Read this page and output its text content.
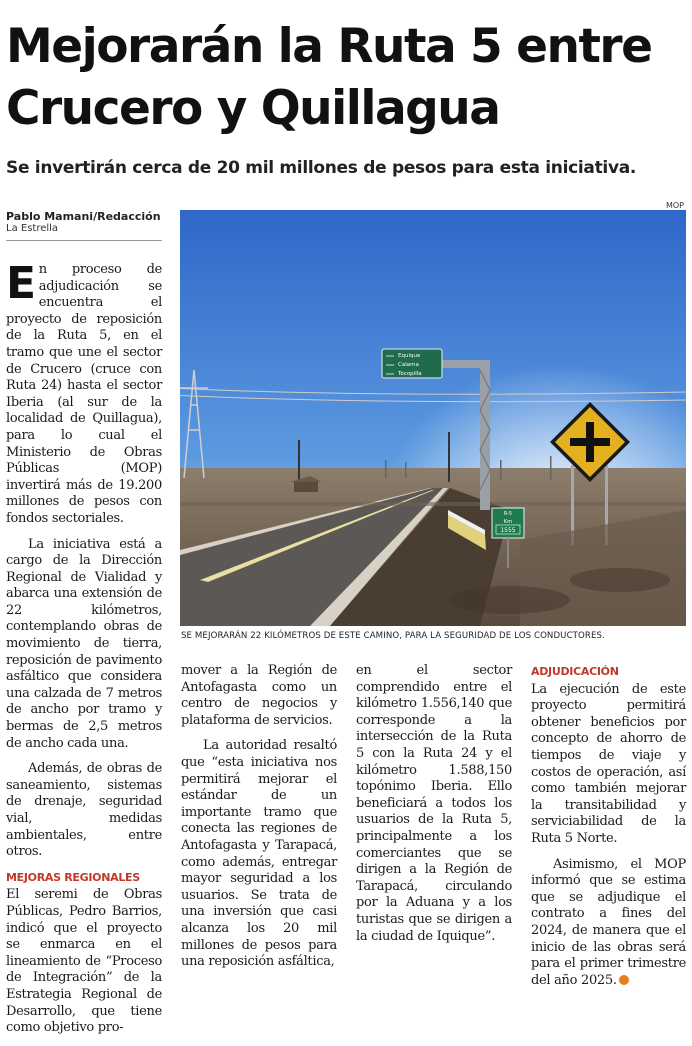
Mejorarán la Ruta 5 entre Crucero y Quillagua
Se invertirán cerca de 20 mil millones de pesos para esta iniciativa.
Pablo Mamani/Redacción
La Estrella
MOP
Equique
Calama
Tocopilla
R-5
Km
1555
SE MEJORARÁN 22 KILÓMETROS DE ESTE CAMINO, PARA LA SEGURIDAD DE LOS CONDUCTORES.

En proceso de adjudicación se encuentra el proyecto de reposición de la Ruta 5, en el tramo que une el sector de Crucero (cruce con Ruta 24) hasta el sector Iberia (al sur de la localidad de Quillagua), para lo cual el Ministerio de Obras Públicas (MOP) invertirá más de 19.200 millones de pesos con fondos sectoriales.

La iniciativa está a cargo de la Dirección Regional de Vialidad y abarca una extensión de 22 kilómetros, contemplando obras de movimiento de tierra, reposición de pavimento asfáltico que considera una calzada de 7 metros de ancho por tramo y bermas de 2,5 metros de ancho cada una.

Además, de obras de saneamiento, sistemas de drenaje, seguridad vial, medidas ambientales, entre otros.

MEJORAS REGIONALES

El seremi de Obras Públicas, Pedro Barrios, indicó que el proyecto se enmarca en el lineamiento de “Proceso de Integración” de la Estrategia Regional de Desarrollo, que tiene como objetivo pro-

mover a la Región de Antofagasta como un centro de negocios y plataforma de servicios.

La autoridad resaltó que “esta iniciativa nos permitirá mejorar el estándar de un importante tramo que conecta las regiones de Antofagasta y Tarapacá, como además, entregar mayor seguridad a los usuarios. Se trata de una inversión que casi alcanza los 20 mil millones de pesos para una reposición asfáltica,

en el sector comprendido entre el kilómetro 1.556,140 que corresponde a la intersección de la Ruta 5 con la Ruta 24 y el kilómetro 1.588,150 topónimo Iberia. Ello beneficiará a todos los usuarios de la Ruta 5, principalmente a los comerciantes que se dirigen a la Región de Tarapacá, circulando por la Aduana y a los turistas que se dirigen a la ciudad de Iquique”.

ADJUDICACIÓN

La ejecución de este proyecto permitirá obtener beneficios por concepto de ahorro de tiempos de viaje y costos de operación, así como también mejorar la transitabilidad y serviciabilidad de la Ruta 5 Norte.

Asimismo, el MOP informó que se estima que se adjudique el contrato a fines del 2024, de manera que el inicio de las obras será para el primer trimestre del año 2025.	✪
